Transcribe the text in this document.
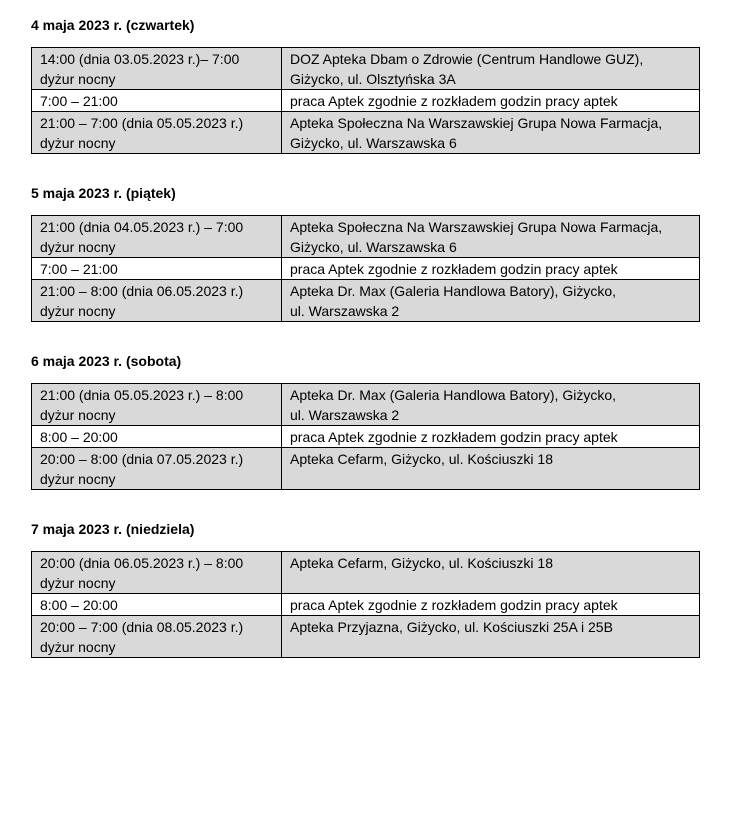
4 maja 2023 r. (czwartek)
14:00 (dnia 03.05.2023 r.)– 7:00
dyżur nocny	DOZ Apteka Dbam o Zdrowie (Centrum Handlowe GUZ),
Giżycko, ul. Olsztyńska 3A

7:00 – 21:00	praca Aptek zgodnie z rozkładem godzin pracy aptek

21:00 – 7:00 (dnia 05.05.2023 r.)
dyżur nocny	Apteka Społeczna Na Warszawskiej Grupa Nowa Farmacja,
Giżycko, ul. Warszawska 6
5 maja 2023 r. (piątek)
21:00 (dnia 04.05.2023 r.) – 7:00
dyżur nocny	Apteka Społeczna Na Warszawskiej Grupa Nowa Farmacja,
Giżycko, ul. Warszawska 6

7:00 – 21:00	praca Aptek zgodnie z rozkładem godzin pracy aptek

21:00 – 8:00 (dnia 06.05.2023 r.)
dyżur nocny	Apteka Dr. Max (Galeria Handlowa Batory), Giżycko,
ul. Warszawska 2
6 maja 2023 r. (sobota)
21:00 (dnia 05.05.2023 r.) – 8:00
dyżur nocny	Apteka Dr. Max (Galeria Handlowa Batory), Giżycko,
ul. Warszawska 2

8:00 – 20:00	praca Aptek zgodnie z rozkładem godzin pracy aptek

20:00 – 8:00 (dnia 07.05.2023 r.)
dyżur nocny	Apteka Cefarm, Giżycko, ul. Kościuszki 18
7 maja 2023 r. (niedziela)
20:00 (dnia 06.05.2023 r.) – 8:00
dyżur nocny	Apteka Cefarm, Giżycko, ul. Kościuszki 18

8:00 – 20:00	praca Aptek zgodnie z rozkładem godzin pracy aptek

20:00 – 7:00 (dnia 08.05.2023 r.)
dyżur nocny	Apteka Przyjazna, Giżycko, ul. Kościuszki 25A i 25B
